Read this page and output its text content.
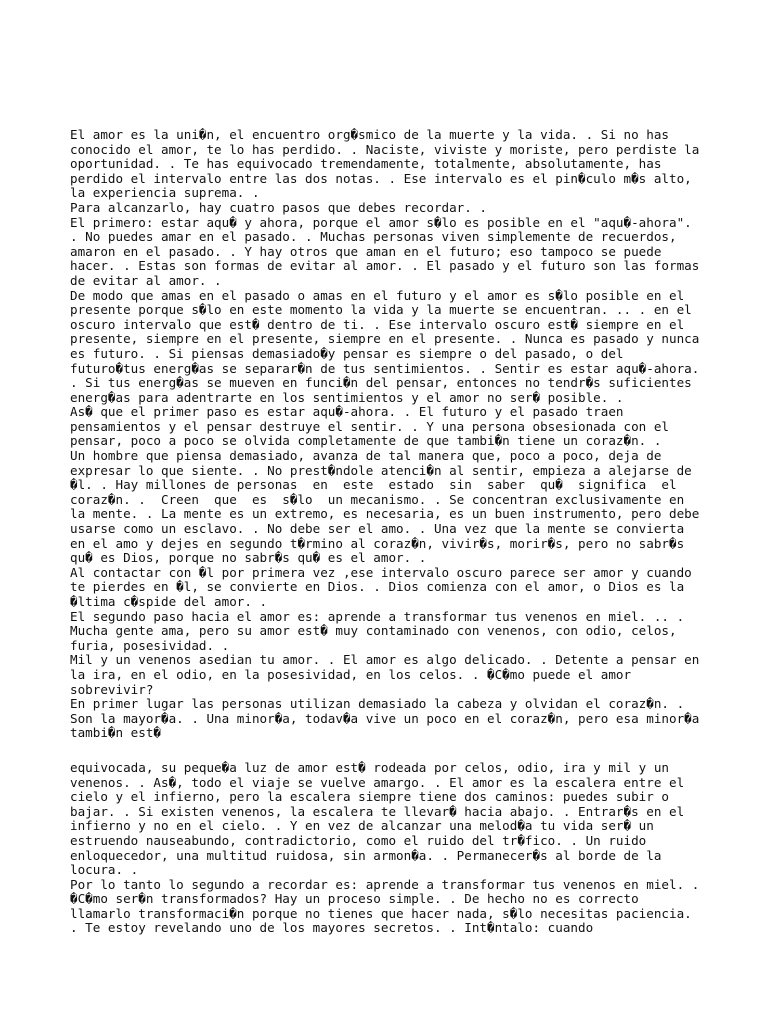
El amor es la uni�n, el encuentro org�smico de la muerte y la vida. . Si no has conocido el amor, te lo has perdido. . Naciste, viviste y moriste, pero perdiste la oportunidad. . Te has equivocado tremendamente, totalmente, absolutamente, has perdido el intervalo entre las dos notas. . Ese intervalo es el pin�culo m�s alto, la experiencia suprema. .

Para alcanzarlo, hay cuatro pasos que debes recordar. .

El primero: estar aqu� y ahora, porque el amor s�lo es posible en el "aqu�-ahora". . No puedes amar en el pasado. . Muchas personas viven simplemente de recuerdos, amaron en el pasado. . Y hay otros que aman en el futuro; eso tampoco se puede hacer. . Estas son formas de evitar al amor. . El pasado y el futuro son las formas de evitar al amor. .

De modo que amas en el pasado o amas en el futuro y el amor es s�lo posible en el presente porque s�lo en este momento la vida y la muerte se encuentran. .. . en el oscuro intervalo que est� dentro de ti. . Ese intervalo oscuro est� siempre en el presente, siempre en el presente, siempre en el presente. . Nunca es pasado y nunca es futuro. . Si piensas demasiado�y pensar es siempre o del pasado, o del futuro�tus energ�as se separar�n de tus sentimientos. . Sentir es estar aqu�-ahora. . Si tus energ�as se mueven en funci�n del pensar, entonces no tendr�s suficientes energ�as para adentrarte en los sentimientos y el amor no ser� posible. .

As� que el primer paso es estar aqu�-ahora. . El futuro y el pasado traen pensamientos y el pensar destruye el sentir. . Y una persona obsesionada con el pensar, poco a poco se olvida completamente de que tambi�n tiene un coraz�n. .

Un hombre que piensa demasiado, avanza de tal manera que, poco a poco, deja de expresar lo que siente. . No prest�ndole atenci�n al sentir, empieza a alejarse de �l. . Hay millones de personas  en  este  estado  sin  saber  qu�  significa  el coraz�n. .  Creen  que  es  s�lo  un mecanismo. . Se concentran exclusivamente en la mente. . La mente es un extremo, es necesaria, es un buen instrumento, pero debe usarse como un esclavo. . No debe ser el amo. . Una vez que la mente se convierta en el amo y dejes en segundo t�rmino al coraz�n, vivir�s, morir�s, pero no sabr�s qu� es Dios, porque no sabr�s qu� es el amor. .

Al contactar con �l por primera vez ,ese intervalo oscuro parece ser amor y cuando te pierdes en �l, se convierte en Dios. . Dios comienza con el amor, o Dios es la �ltima c�spide del amor. .

El segundo paso hacia el amor es: aprende a transformar tus venenos en miel. .. .

Mucha gente ama, pero su amor est� muy contaminado con venenos, con odio, celos, furia, posesividad. .

Mil y un venenos asedian tu amor. . El amor es algo delicado. . Detente a pensar en la ira, en el odio, en la posesividad, en los celos. . �C�mo puede el amor sobrevivir?

En primer lugar las personas utilizan demasiado la cabeza y olvidan el coraz�n. . Son la mayor�a. . Una minor�a, todav�a vive un poco en el coraz�n, pero esa minor�a tambi�n est�

equivocada, su peque�a luz de amor est� rodeada por celos, odio, ira y mil y un venenos. . As�, todo el viaje se vuelve amargo. . El amor es la escalera entre el cielo y el infierno, pero la escalera siempre tiene dos caminos: puedes subir o bajar. . Si existen venenos, la escalera te llevar� hacia abajo. . Entrar�s en el infierno y no en el cielo. . Y en vez de alcanzar una melod�a tu vida ser� un estruendo nauseabundo, contradictorio, como el ruido del tr�fico. . Un ruido enloquecedor, una multitud ruidosa, sin armon�a. . Permanecer�s al borde de la locura. .

Por lo tanto lo segundo a recordar es: aprende a transformar tus venenos en miel. . �C�mo ser�n transformados? Hay un proceso simple. . De hecho no es correcto llamarlo transformaci�n porque no tienes que hacer nada, s�lo necesitas paciencia. . Te estoy revelando uno de los mayores secretos. . Int�ntalo: cuando
